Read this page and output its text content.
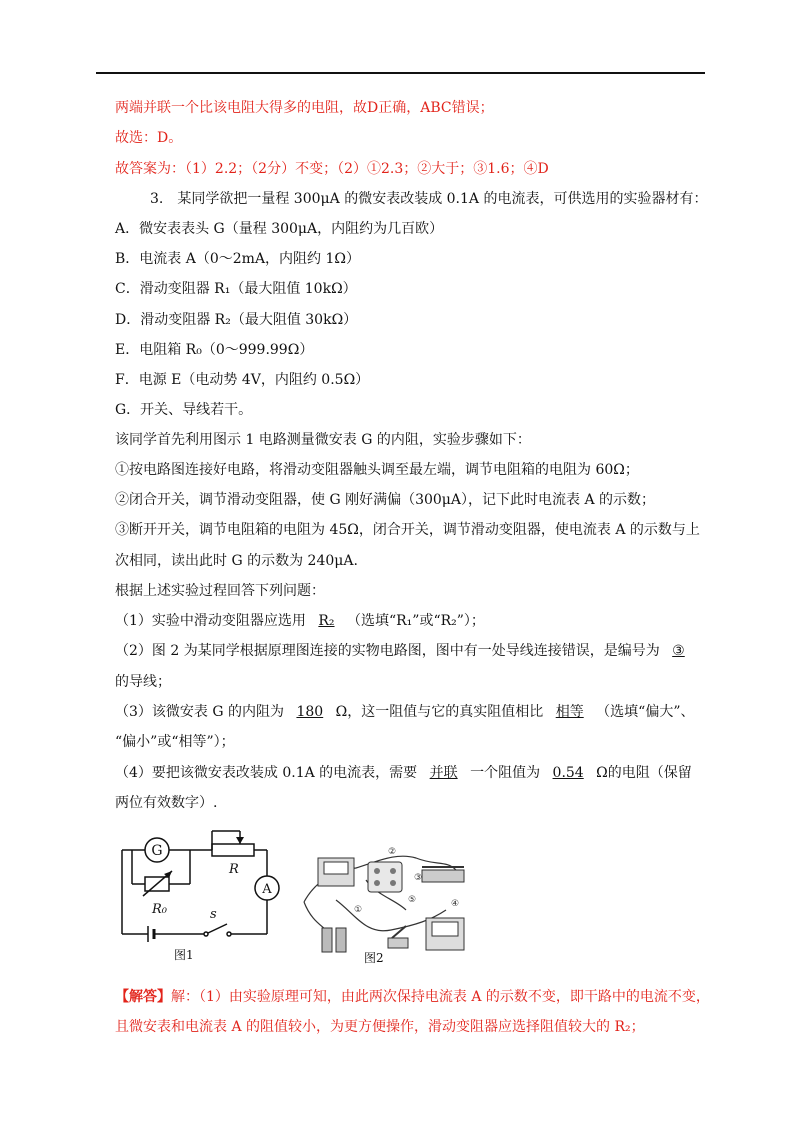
两端并联一个比该电阻大得多的电阻，故D正确，ABC错误；
故选：D。
故答案为：（1）2.2；（2分）不变；（2）①2.3；②大于；③1.6；④D
3.　某同学欲把一量程 300μA 的微安表改装成 0.1A 的电流表，可供选用的实验器材有：
A．微安表表头 G（量程 300μA，内阻约为几百欧）
B．电流表 A（0～2mA，内阻约 1Ω）
C．滑动变阻器 R₁（最大阻值 10kΩ）
D．滑动变阻器 R₂（最大阻值 30kΩ）
E．电阻箱 R₀（0～999.99Ω）
F．电源 E（电动势 4V，内阻约 0.5Ω）
G．开关、导线若干。
该同学首先利用图示 1 电路测量微安表 G 的内阻，实验步骤如下：
①按电路图连接好电路，将滑动变阻器触头调至最左端，调节电阻箱的电阻为 60Ω；
②闭合开关，调节滑动变阻器，使 G 刚好满偏（300μA），记下此时电流表 A 的示数；
③断开开关，调节电阻箱的电阻为 45Ω，闭合开关，调节滑动变阻器，使电流表 A 的示数与上
次相同，读出此时 G 的示数为 240μA.
根据上述实验过程回答下列问题：
（1）实验中滑动变阻器应选用 R₂ （选填“R₁”或“R₂”）；
（2）图 2 为某同学根据原理图连接的实物电路图，图中有一处导线连接错误，是编号为 ③
的导线；
（3）该微安表 G 的内阻为 180 Ω，这一阻值与它的真实阻值相比 相等 （选填“偏大”、
“偏小”或“相等”）；
（4）要把该微安表改装成 0.1A 的电流表，需要 并联 一个阻值为 0.54 Ω的电阻（保留
两位有效数字）.
G
A
R
R₀	s
图1
①
②
③
④
⑤
图2
【解答】解：（1）由实验原理可知，由此两次保持电流表 A 的示数不变，即干路中的电流不变，
且微安表和电流表 A 的阻值较小，为更方便操作，滑动变阻器应选择阻值较大的 R₂；
